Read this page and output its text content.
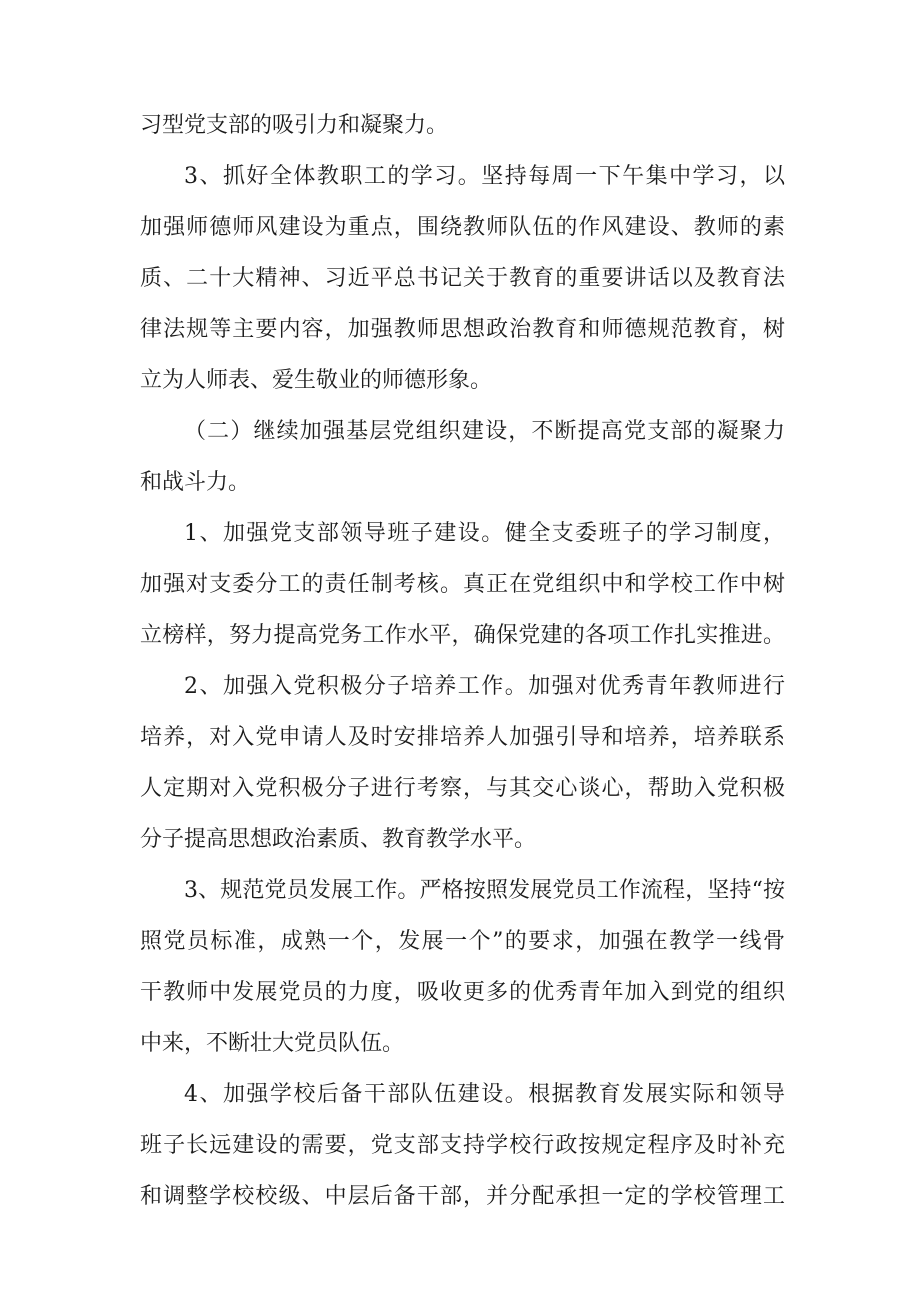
习型党支部的吸引力和凝聚力。
3、抓好全体教职工的学习。坚持每周一下午集中学习，以
加强师德师风建设为重点，围绕教师队伍的作风建设、教师的素
质、二十大精神、习近平总书记关于教育的重要讲话以及教育法
律法规等主要内容，加强教师思想政治教育和师德规范教育，树
立为人师表、爱生敬业的师德形象。
（二）继续加强基层党组织建设，不断提高党支部的凝聚力
和战斗力。
1、加强党支部领导班子建设。健全支委班子的学习制度，
加强对支委分工的责任制考核。真正在党组织中和学校工作中树
立榜样，努力提高党务工作水平，确保党建的各项工作扎实推进。
2、加强入党积极分子培养工作。加强对优秀青年教师进行
培养，对入党申请人及时安排培养人加强引导和培养，培养联系
人定期对入党积极分子进行考察，与其交心谈心，帮助入党积极
分子提高思想政治素质、教育教学水平。
3、规范党员发展工作。严格按照发展党员工作流程，坚持“按
照党员标准，成熟一个，发展一个”的要求，加强在教学一线骨
干教师中发展党员的力度，吸收更多的优秀青年加入到党的组织
中来，不断壮大党员队伍。
4、加强学校后备干部队伍建设。根据教育发展实际和领导
班子长远建设的需要，党支部支持学校行政按规定程序及时补充
和调整学校校级、中层后备干部，并分配承担一定的学校管理工
